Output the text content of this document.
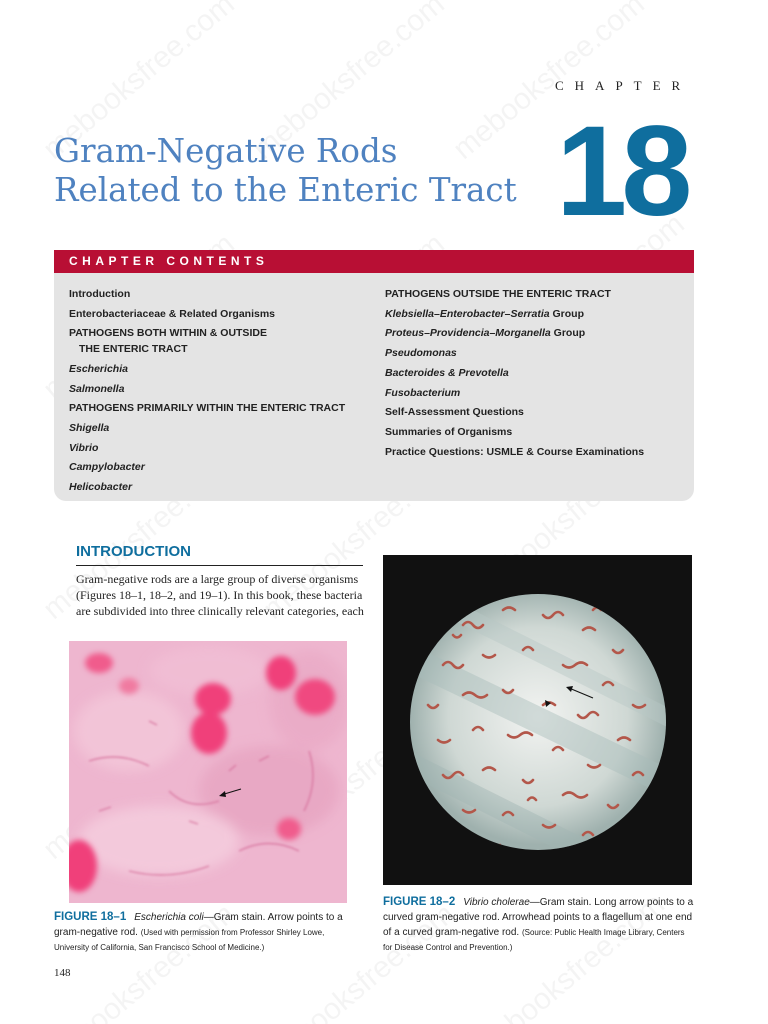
CHAPTER
18
Gram-Negative Rods Related to the Enteric Tract
CHAPTER CONTENTS
Introduction
Enterobacteriaceae & Related Organisms
PATHOGENS BOTH WITHIN & OUTSIDE
THE ENTERIC TRACT
Escherichia
Salmonella
PATHOGENS PRIMARILY WITHIN THE ENTERIC TRACT
Shigella
Vibrio
Campylobacter
Helicobacter
PATHOGENS OUTSIDE THE ENTERIC TRACT
Klebsiella–Enterobacter–Serratia Group
Proteus–Providencia–Morganella Group
Pseudomonas
Bacteroides & Prevotella
Fusobacterium
Self-Assessment Questions
Summaries of Organisms
Practice Questions: USMLE & Course Examinations
INTRODUCTION

Gram-negative rods are a large group of diverse organisms (Figures 18–1, 18–2, and 19–1). In this book, these bacteria are subdivided into three clinically relevant categories, each

FIGURE 18–1 Escherichia coli—Gram stain. Arrow points to a gram-negative rod. (Used with permission from Professor Shirley Lowe, University of California, San Francisco School of Medicine.)
FIGURE 18–2 Vibrio cholerae—Gram stain. Long arrow points to a curved gram-negative rod. Arrowhead points to a flagellum at one end of a curved gram-negative rod. (Source: Public Health Image Library, Centers for Disease Control and Prevention.)
148
